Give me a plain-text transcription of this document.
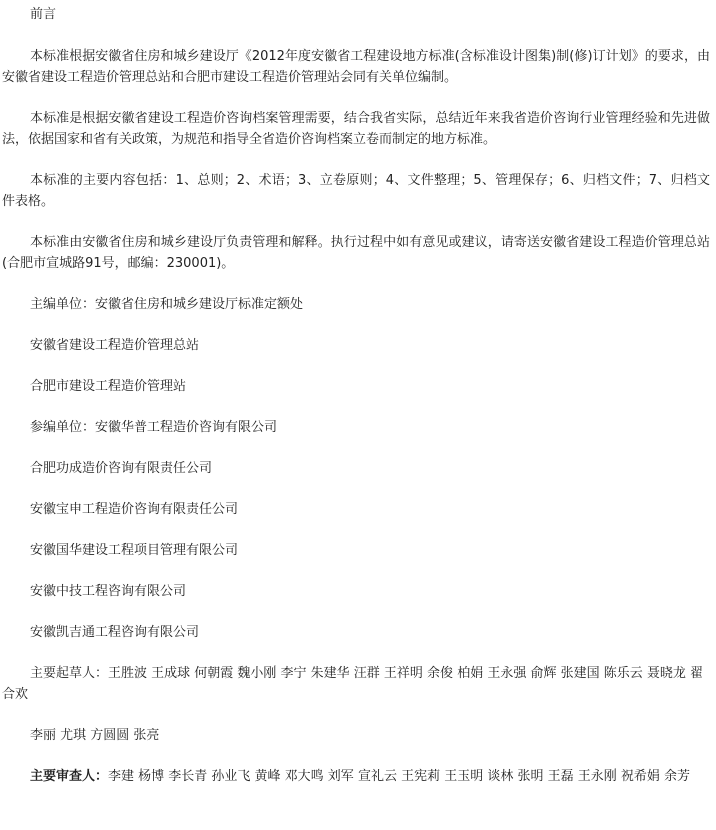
前言

本标准根据安徽省住房和城乡建设厅《2012年度安徽省工程建设地方标准(含标准设计图集)制(修)订计划》的要求，由安徽省建设工程造价管理总站和合肥市建设工程造价管理站会同有关单位编制。

本标准是根据安徽省建设工程造价咨询档案管理需要，结合我省实际，总结近年来我省造价咨询行业管理经验和先进做法，依据国家和省有关政策，为规范和指导全省造价咨询档案立卷而制定的地方标准。

本标准的主要内容包括：1、总则；2、术语；3、立卷原则；4、文件整理；5、管理保存；6、归档文件；7、归档文件表格。

本标准由安徽省住房和城乡建设厅负责管理和解释。执行过程中如有意见或建议，请寄送安徽省建设工程造价管理总站(合肥市宣城路91号，邮编：230001)。

主编单位：安徽省住房和城乡建设厅标准定额处

安徽省建设工程造价管理总站

合肥市建设工程造价管理站

参编单位：安徽华普工程造价咨询有限公司

合肥功成造价咨询有限责任公司

安徽宝申工程造价咨询有限责任公司

安徽国华建设工程项目管理有限公司

安徽中技工程咨询有限公司

安徽凯吉通工程咨询有限公司

主要起草人：王胜波 王成球 何朝霞 魏小刚 李宁 朱建华 汪群 王祥明 余俊 柏娟 王永强 俞辉 张建国 陈乐云 聂晓龙 翟合欢

李丽 尤琪 方圆圆 张亮

主要审查人：李建 杨博 李长青 孙业飞 黄峰 邓大鸣 刘军 宣礼云 王宪莉 王玉明 谈林 张明 王磊 王永刚 祝希娟 余芳
